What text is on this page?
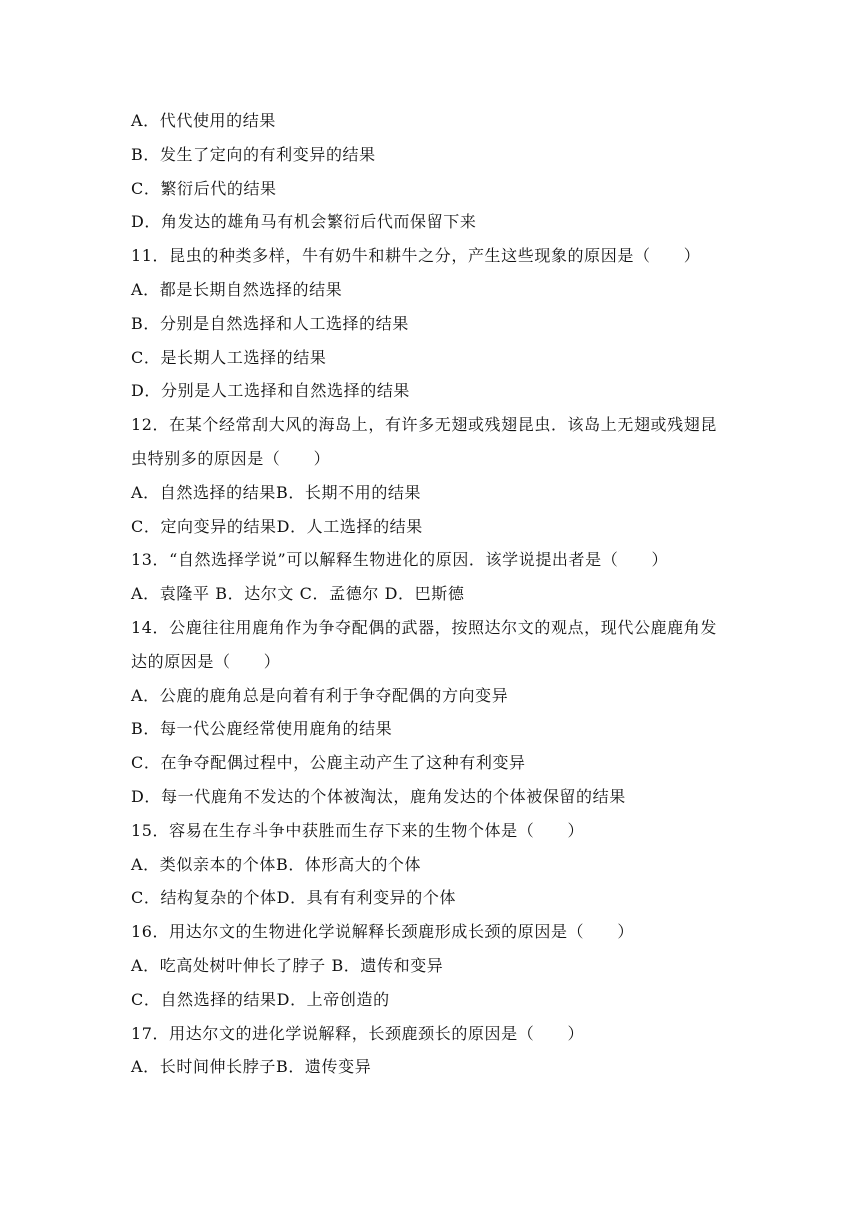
A．代代使用的结果
B．发生了定向的有利变异的结果
C．繁衍后代的结果
D．角发达的雄角马有机会繁衍后代而保留下来
11．昆虫的种类多样，牛有奶牛和耕牛之分，产生这些现象的原因是（　　）
A．都是长期自然选择的结果
B．分别是自然选择和人工选择的结果
C．是长期人工选择的结果
D．分别是人工选择和自然选择的结果
12．在某个经常刮大风的海岛上，有许多无翅或残翅昆虫．该岛上无翅或残翅昆
虫特别多的原因是（　　）
A．自然选择的结果B．长期不用的结果
C．定向变异的结果D．人工选择的结果
13．“自然选择学说”可以解释生物进化的原因．该学说提出者是（　　）
A．袁隆平 B．达尔文 C．孟德尔 D．巴斯德
14．公鹿往往用鹿角作为争夺配偶的武器，按照达尔文的观点，现代公鹿鹿角发
达的原因是（　　）
A．公鹿的鹿角总是向着有利于争夺配偶的方向变异
B．每一代公鹿经常使用鹿角的结果
C．在争夺配偶过程中，公鹿主动产生了这种有利变异
D．每一代鹿角不发达的个体被淘汰，鹿角发达的个体被保留的结果
15．容易在生存斗争中获胜而生存下来的生物个体是（　　）
A．类似亲本的个体B．体形高大的个体
C．结构复杂的个体D．具有有利变异的个体
16．用达尔文的生物进化学说解释长颈鹿形成长颈的原因是（　　）
A．吃高处树叶伸长了脖子 B．遗传和变异
C．自然选择的结果D．上帝创造的
17．用达尔文的进化学说解释，长颈鹿颈长的原因是（　　）
A．长时间伸长脖子B．遗传变异
